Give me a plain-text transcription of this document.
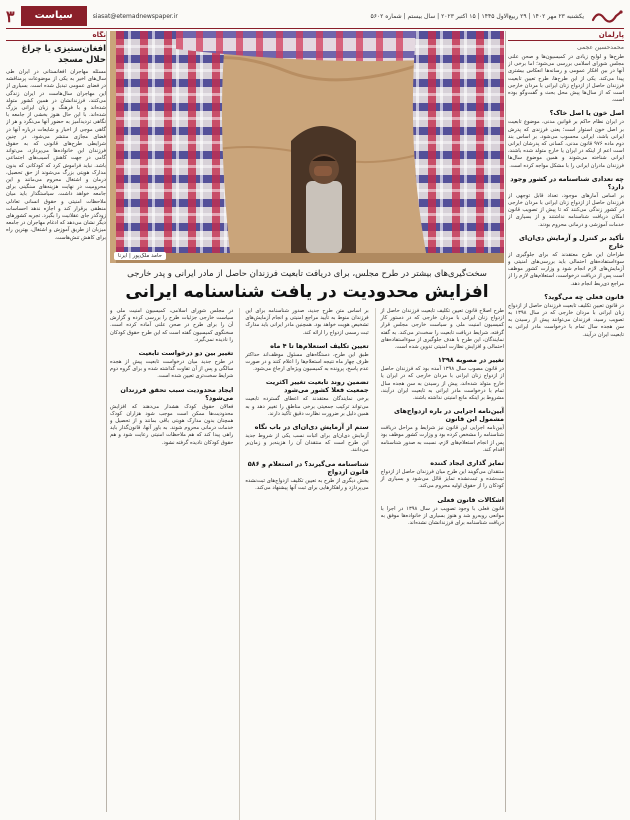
یکشنبه ۲۳ مهر ۱۴۰۲ | ۲۹ ربیع‌الاول ۱۴۴۵ | ۱۵ اکتبر ۲۰۲۳ | سال بیستم | شماره ۵۶۰۲
siasat@etemadnewspaper.ir
سیاست
۳
پارلمان
محمدحسین عجمی

طرح‌ها و لوایح زیادی در کمیسیون‌ها و صحن علنی مجلس شورای اسلامی بررسی می‌شود؛ اما برخی از آنها در بین افکار عمومی و رسانه‌ها انعکاس بیشتری پیدا می‌کند. یکی از این طرح‌ها، طرح تعیین تابعیت فرزندان حاصل از ازدواج زنان ایرانی با مردان خارجی است که از سال‌ها پیش محل بحث و گفت‌وگو بوده است.

اصل خون یا اصل خاک؟

در ایران نظام حاکم بر قوانین مدنی، موضوع تابعیت بر اصل خون استوار است؛ یعنی فرزندی که پدرش ایرانی باشد، ایرانی محسوب می‌شود. بر اساس بند دوم ماده ۹۷۶ قانون مدنی، کسانی که پدرشان ایرانی است اعم از اینکه در ایران یا خارج متولد شده باشند، ایرانی شناخته می‌شوند و همین موضوع سال‌ها فرزندان مادران ایرانی را با مشکل مواجه کرده است.

چه تعدادی شناسنامه در کشور وجود دارد؟

بر اساس آمارهای موجود، تعداد قابل توجهی از فرزندان حاصل از ازدواج زنان ایرانی با مردان خارجی در کشور زندگی می‌کنند که تا پیش از تصویب قانون امکان دریافت شناسنامه نداشتند و از بسیاری از خدمات آموزشی و درمانی محروم بودند.

تأکید بر کنترل و آزمایش دی‌ان‌ای خارج

طراحان این طرح معتقدند که برای جلوگیری از سوءاستفاده‌های احتمالی باید بررسی‌های امنیتی و آزمایش‌های لازم انجام شود و وزارت کشور موظف است پس از دریافت درخواست، استعلام‌های لازم را از مراجع ذی‌ربط انجام دهد.

قانون فعلی چه می‌گوید؟

در قانون تعیین تکلیف تابعیت فرزندان حاصل از ازدواج زنان ایرانی با مردان خارجی که در سال ۱۳۹۸ به تصویب رسید، فرزندان می‌توانند پیش از رسیدن به سن هجده سال تمام با درخواست مادر ایرانی به تابعیت ایران درآیند.

حامد ملک‌پور | ایرنا
سخت‌گیری‌های بیشتر در طرح مجلس، برای دریافت تابعیت فرزندان حاصل از مادر ایرانی و پدر خارجی
افزایش محدودیت در یافت شناسنامه ایرانی

طرح اصلاح قانون تعیین تکلیف تابعیت فرزندان حاصل از ازدواج زنان ایرانی با مردان خارجی که در دستور کار کمیسیون امنیت ملی و سیاست خارجی مجلس قرار گرفته، شرایط دریافت تابعیت را سخت‌تر می‌کند. به گفته نمایندگان، این طرح با هدف جلوگیری از سوءاستفاده‌های احتمالی و افزایش نظارت امنیتی تدوین شده است.

تغییر در مصوبه ۱۳۹۸

در قانون مصوب سال ۱۳۹۸ آمده بود که فرزندان حاصل از ازدواج زنان ایرانی با مردان خارجی که در ایران یا خارج متولد شده‌اند، پیش از رسیدن به سن هجده سال تمام با درخواست مادر ایرانی به تابعیت ایران درآیند، مشروط بر اینکه مانع امنیتی نداشته باشند.

آیین‌نامه اجرایی در باره ازدواج‌های مشمول این قانون

آیین‌نامه اجرایی این قانون نیز شرایط و مراحل دریافت شناسنامه را مشخص کرده بود و وزارت کشور موظف بود پس از انجام استعلام‌های لازم، نسبت به صدور شناسنامه اقدام کند.

تمایز گذاری ایجاد کننده

منتقدان می‌گویند این طرح میان فرزندان حاصل از ازدواج ثبت‌شده و ثبت‌نشده تمایز قائل می‌شود و بسیاری از کودکان را از حقوق اولیه محروم می‌کند.

اشکالات قانون فعلی

قانون فعلی با وجود تصویب در سال ۱۳۹۸ در اجرا با موانعی روبه‌رو شد و هنوز بسیاری از خانواده‌ها موفق به دریافت شناسنامه برای فرزندانشان نشده‌اند.

بر اساس متن طرح جدید، صدور شناسنامه برای این فرزندان منوط به تأیید مراجع امنیتی و انجام آزمایش‌های تشخیص هویت خواهد بود. همچنین مادر ایرانی باید مدارک ثبت رسمی ازدواج را ارائه کند.

تعیین تکلیف استعلام‌ها تا ۴ ماه

طبق این طرح، دستگاه‌های مسئول موظف‌اند حداکثر ظرف چهار ماه نتیجه استعلام‌ها را اعلام کنند و در صورت عدم پاسخ، پرونده به کمیسیون ویژه‌ای ارجاع می‌شود.

تضمین روند تابعیت تغییر اکثریت جمعیت فعلا کشور می‌شود

برخی نمایندگان معتقدند که اعطای گسترده تابعیت می‌تواند ترکیب جمعیتی برخی مناطق را تغییر دهد و به همین دلیل بر ضرورت نظارت دقیق تأکید دارند.

ستم از آزمایش دی‌ان‌ای در باب نگاه

آزمایش دی‌ان‌ای برای اثبات نسب یکی از شروط جدید این طرح است که منتقدان آن را هزینه‌بر و زمان‌بر می‌دانند.

شناسنامه می‌گیرند؟ در استعلام و ۵۸۶ قانون ازدواج

بخش دیگری از طرح به تعیین تکلیف ازدواج‌های ثبت‌نشده می‌پردازد و راهکارهایی برای ثبت آنها پیشنهاد می‌کند.

در مجلس شورای اسلامی، کمیسیون امنیت ملی و سیاست خارجی جزئیات طرح را بررسی کرده و گزارش آن را برای طرح در صحن علنی آماده کرده است. سخنگوی کمیسیون گفته است که این طرح حقوق کودکان را نادیده نمی‌گیرد.

تغییر بین دو درخواست تابعیت

در طرح جدید میان درخواست تابعیت پیش از هجده سالگی و پس از آن تفاوت گذاشته شده و برای گروه دوم شرایط سخت‌تری تعیین شده است.

ایجاد محدودیت سبب تحقق فرزندان می‌شود؟

فعالان حقوق کودک هشدار می‌دهند که افزایش محدودیت‌ها ممکن است موجب شود هزاران کودک همچنان بدون مدارک هویتی باقی بمانند و از تحصیل و خدمات درمانی محروم شوند. به باور آنها، قانون‌گذار باید راهی پیدا کند که هم ملاحظات امنیتی رعایت شود و هم حقوق کودکان نادیده گرفته نشود.

نگاه
افغان‌ستیزی یا چراغ حلال مسجد

مسئله مهاجران افغانستانی در ایران طی سال‌های اخیر به یکی از موضوعات پرمناقشه در فضای عمومی تبدیل شده است. بسیاری از این مهاجران سال‌هاست در ایران زندگی می‌کنند، فرزندانشان در همین کشور متولد شده‌اند و با فرهنگ و زبان ایرانی بزرگ شده‌اند. با این حال هنوز بخشی از جامعه با نگاهی تردیدآمیز به حضور آنها می‌نگرد و هر از گاهی موجی از اخبار و شایعات درباره آنها در فضای مجازی منتشر می‌شود. در چنین شرایطی طرح‌های قانونی که به حقوق فرزندان این خانواده‌ها می‌پردازد، می‌تواند گامی در جهت کاهش آسیب‌های اجتماعی باشد. نباید فراموش کرد که کودکانی که بدون مدارک هویتی بزرگ می‌شوند از حق تحصیل، درمان و اشتغال محروم می‌مانند و این محرومیت در نهایت هزینه‌های سنگینی برای جامعه خواهد داشت. سیاستگذار باید میان ملاحظات امنیتی و حقوق انسانی تعادلی منطقی برقرار کند و اجازه ندهد احساسات زودگذر جای عقلانیت را بگیرد. تجربه کشورهای دیگر نشان می‌دهد که ادغام مهاجران در جامعه میزبان از طریق آموزش و اشتغال، بهترین راه برای کاهش تنش‌هاست.
